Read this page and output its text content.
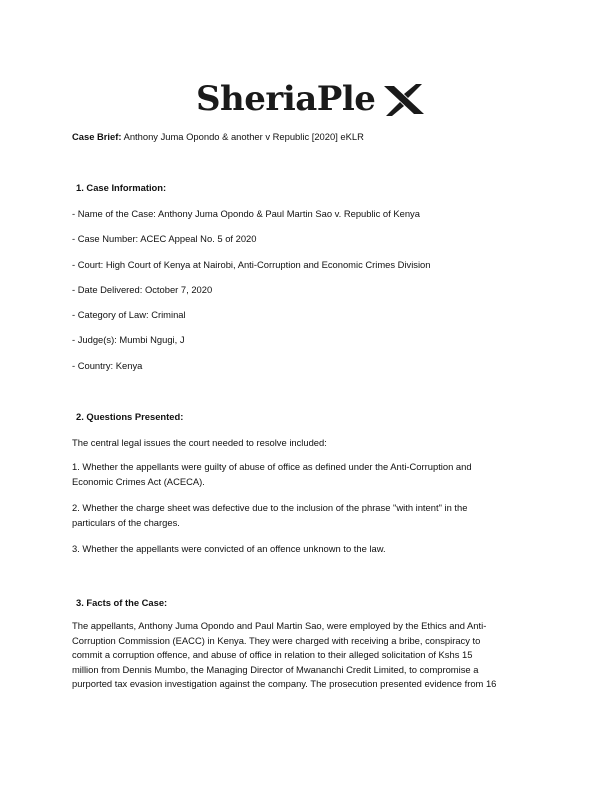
SheriaPle
Case Brief: Anthony Juma Opondo & another v Republic [2020] eKLR
1. Case Information:
- Name of the Case: Anthony Juma Opondo & Paul Martin Sao v. Republic of Kenya
- Case Number: ACEC Appeal No. 5 of 2020
- Court: High Court of Kenya at Nairobi, Anti-Corruption and Economic Crimes Division
- Date Delivered: October 7, 2020
- Category of Law: Criminal
- Judge(s): Mumbi Ngugi, J
- Country: Kenya
2. Questions Presented:
The central legal issues the court needed to resolve included:
1. Whether the appellants were guilty of abuse of office as defined under the Anti-Corruption and
Economic Crimes Act (ACECA).
2. Whether the charge sheet was defective due to the inclusion of the phrase "with intent" in the
particulars of the charges.
3. Whether the appellants were convicted of an offence unknown to the law.
3. Facts of the Case:
The appellants, Anthony Juma Opondo and Paul Martin Sao, were employed by the Ethics and Anti-
Corruption Commission (EACC) in Kenya. They were charged with receiving a bribe, conspiracy to
commit a corruption offence, and abuse of office in relation to their alleged solicitation of Kshs 15
million from Dennis Mumbo, the Managing Director of Mwananchi Credit Limited, to compromise a
purported tax evasion investigation against the company. The prosecution presented evidence from 16
